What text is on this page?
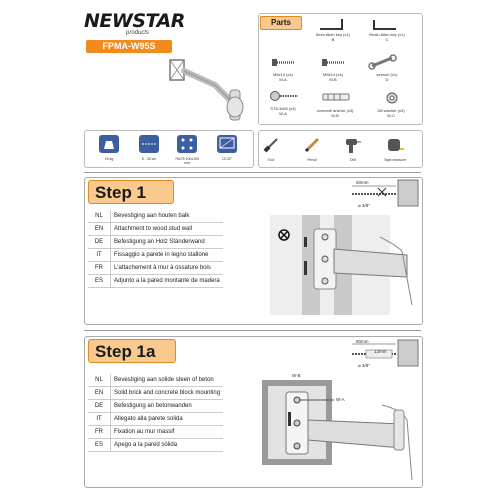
NEWSTAR
products
FPMA-W95S
Parts
5mm Allen key (x1)
B
Brush Allen key (x1)
C
M5x14 (x4)
M-A
M5x14 (x4)
M-B
wrench (x1)
D
ST8-3x55 (x3)
W-A
concrete anchor (x3)
W-B
D8 washer (x4)
W-C
15 kg	8 - 30 cm	75x75 100x100 mm
10-32"	Tool	Pencil	Drill	Tape measure
Step 1
NL	Bevestiging aan houten balk
EN	Attachment to wood stud wall
DE	Befestigung an Holz Ständerwand
IT	Fissaggio a parete in legno stallone
FR	L'attachement à mur à ossature bois
ES	Adjunto a la pared montante de madera
50mm
⌀ 3/8"
Step 1a
NL	Bevestiging aan solide steen of beton
EN	Solid brick and concrete block mounting
DE	Befestigung an betonwanden
IT	Allegato alla parete solida
FR	Fixation au mur massif
ES	Apego a la pared sólida
80mm
12mm
⌀ 3/8"
W-B
W-A
